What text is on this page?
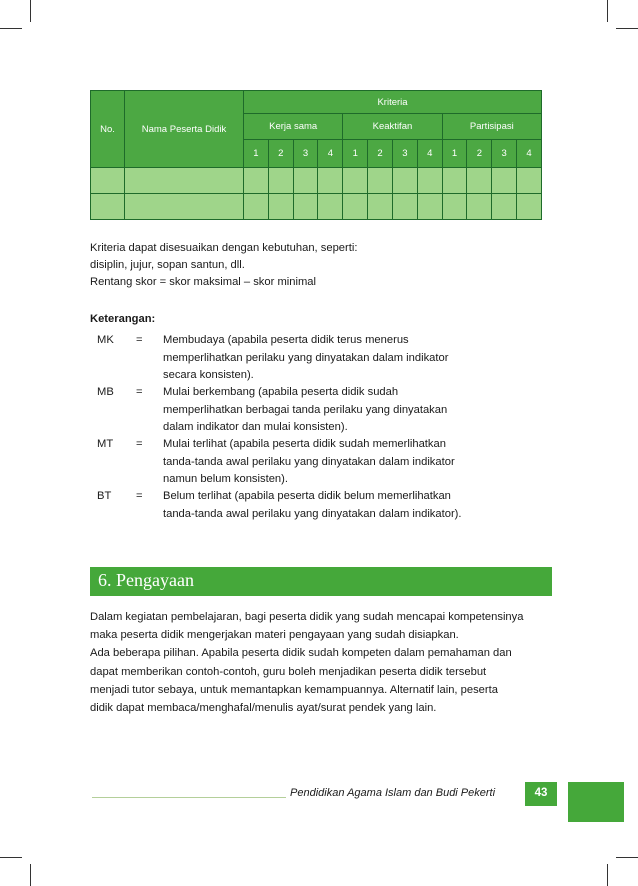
No.	Nama Peserta Didik	Kriteria											
		Kerja sama				Keaktifan				Partisipasi			
		1	2	3	4	1	2	3	4	1	2	3	4

Kriteria dapat disesuaikan dengan kebutuhan, seperti:
disiplin, jujur, sopan santun, dll.
Rentang skor = skor maksimal – skor minimal
Keterangan:
MK = Membudaya (apabila peserta didik terus menerus
memperlihatkan perilaku yang dinyatakan dalam indikator
secara konsisten).
MB = Mulai berkembang (apabila peserta didik sudah
memperlihatkan berbagai tanda perilaku yang dinyatakan
dalam indikator dan mulai konsisten).
MT = Mulai terlihat (apabila peserta didik sudah memerlihatkan
tanda-tanda awal perilaku yang dinyatakan dalam indikator
namun belum konsisten).
BT = Belum terlihat (apabila peserta didik belum memerlihatkan
tanda-tanda awal perilaku yang dinyatakan dalam indikator).
6. Pengayaan
Dalam kegiatan pembelajaran, bagi peserta didik yang sudah mencapai kompetensinya
maka peserta didik mengerjakan materi pengayaan yang sudah disiapkan.
Ada beberapa pilihan. Apabila peserta didik sudah kompeten dalam pemahaman dan
dapat memberikan contoh-contoh, guru boleh menjadikan peserta didik tersebut
menjadi tutor sebaya, untuk memantapkan kemampuannya. Alternatif lain, peserta
didik dapat membaca/menghafal/menulis ayat/surat pendek yang lain.
Pendidikan Agama Islam dan Budi Pekerti	43
